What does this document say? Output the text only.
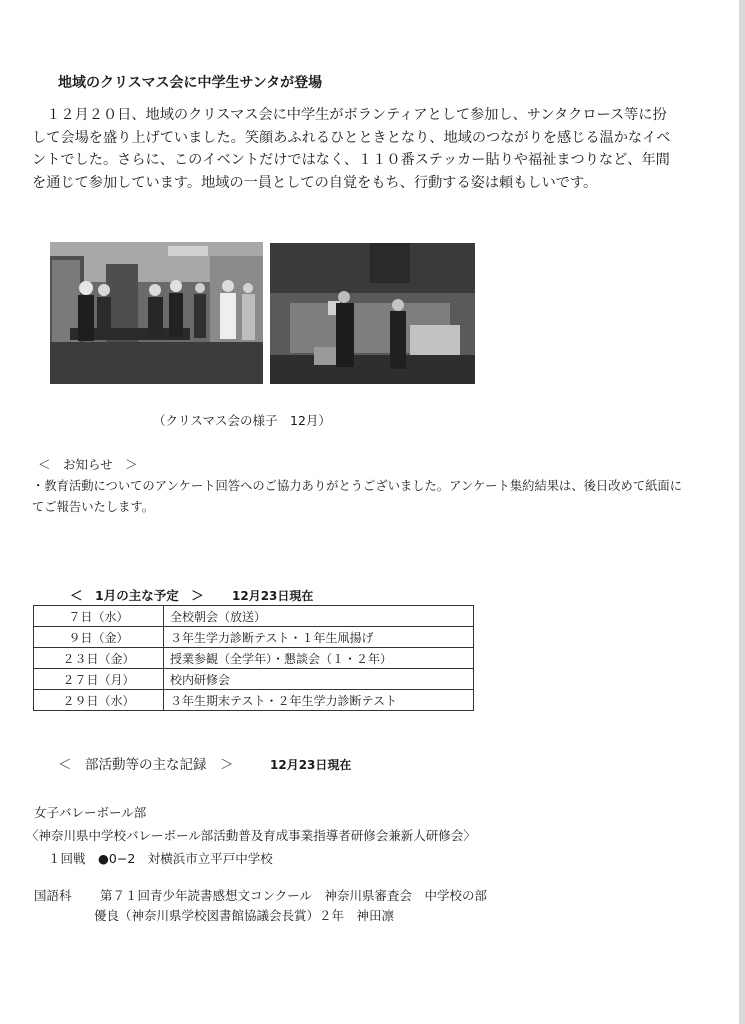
地域のクリスマス会に中学生サンタが登場

　１２月２０日、地域のクリスマス会に中学生がボランティアとして参加し、サンタクロース等に扮して会場を盛り上げていました。笑顔あふれるひとときとなり、地域のつながりを感じる温かなイベントでした。さらに、このイベントだけではなく、１１０番ステッカー貼りや福祉まつりなど、年間を通じて参加しています。地域の一員としての自覚をもち、行動する姿は頼もしいです。

（クリスマス会の様子　12月）
＜　お知らせ　＞

・教育活動についてのアンケート回答へのご協力ありがとうございました。アンケート集約結果は、後日改めて紙面にてご報告いたします。

＜　1月の主な予定　＞ 12月23日現在
７日（水）	全校朝会（放送）
９日（金）	３年生学力診断テスト・１年生凧揚げ
２３日（金）	授業参観（全学年）・懇談会（１・２年）
２７日（月）	校内研修会
２９日（水）	３年生期末テスト・２年生学力診断テスト
＜　部活動等の主な記録　＞	12月23日現在
女子バレーボール部
〈神奈川県中学校バレーボール部活動普及育成事業指導者研修会兼新人研修会〉
１回戦　●0−2　対横浜市立平戸中学校
国語科 第７１回青少年読書感想文コンクール　神奈川県審査会　中学校の部
優良（神奈川県学校図書館協議会長賞）２年　神田凛
